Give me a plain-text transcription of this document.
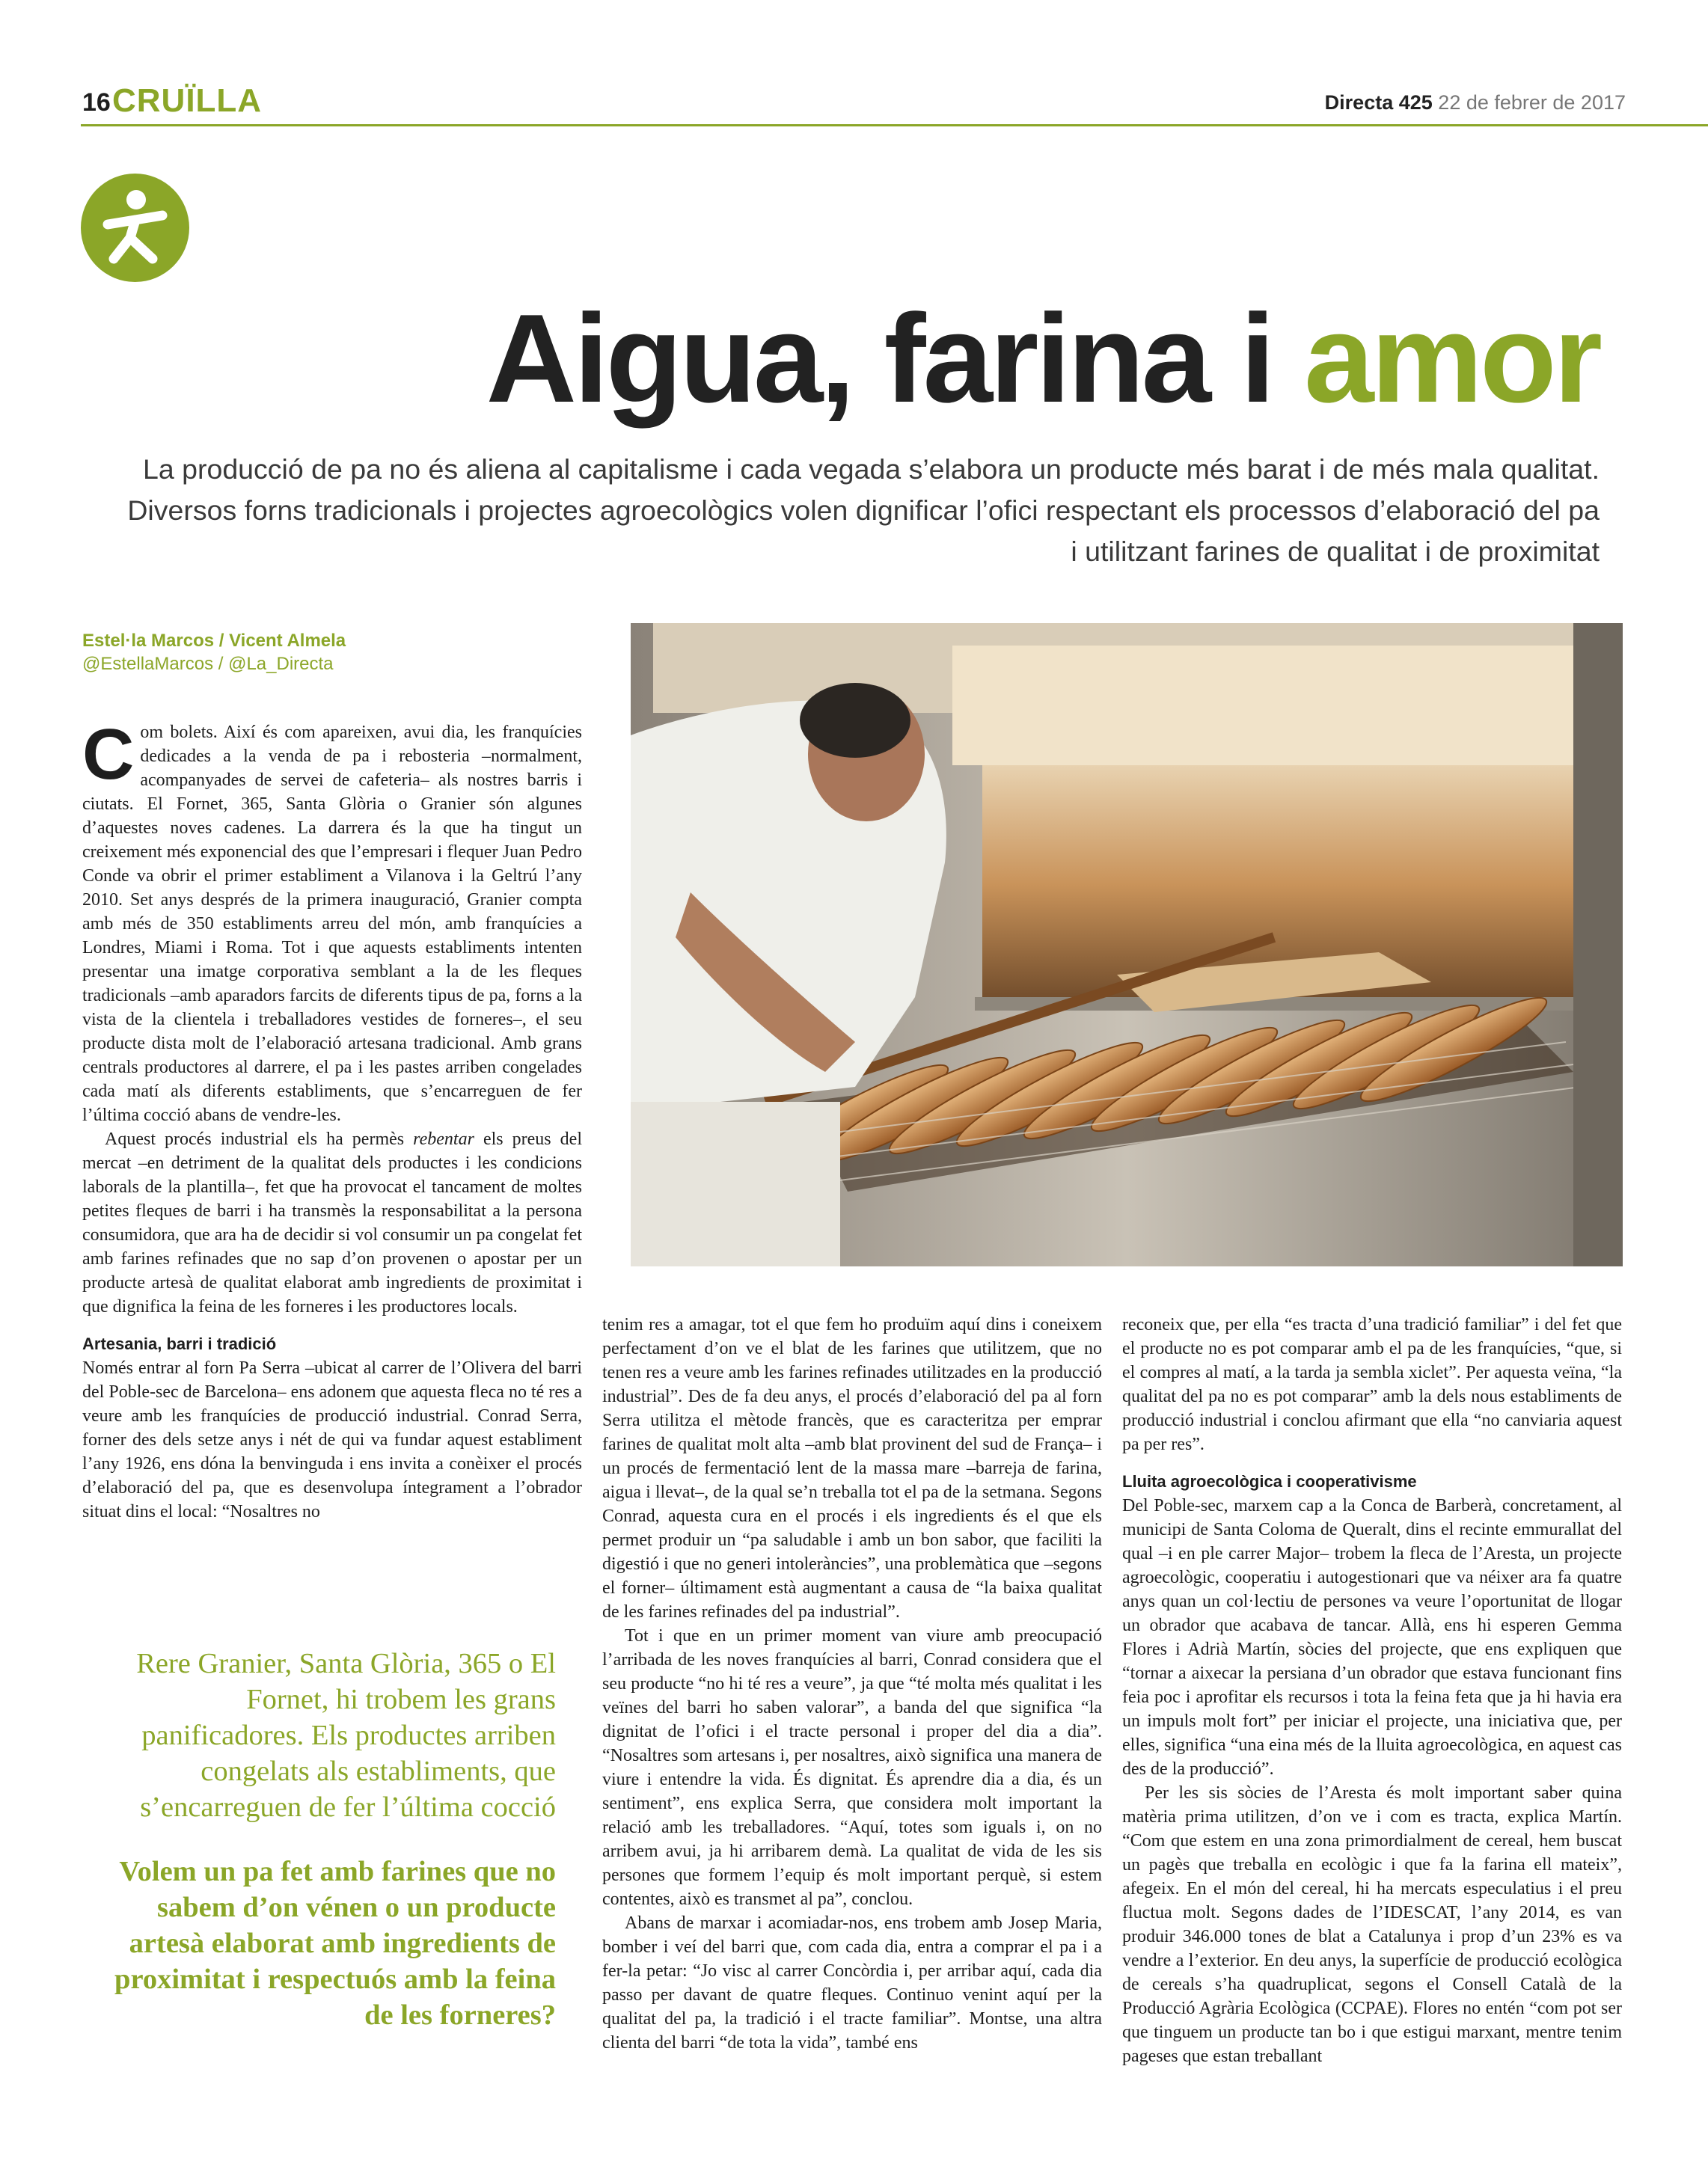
16 CRUÏLLA	Directa 425 22 de febrer de 2017
Aigua, farina i amor
La producció de pa no és aliena al capitalisme i cada vegada s’elabora un producte més barat i de més mala qualitat. Diversos forns tradicionals i projectes agroecològics volen dignificar l’ofici respectant els processos d’elaboració del pa i utilitzant farines de qualitat i de proximitat
Estel·la Marcos / Vicent Almela
@EstellaMarcos / @La_Directa

Com bolets. Així és com apareixen, avui dia, les franquícies dedicades a la venda de pa i rebosteria –normalment, acompanyades de servei de cafeteria– als nostres barris i ciutats. El Fornet, 365, Santa Glòria o Granier són algunes d’aquestes noves cadenes. La darrera és la que ha tingut un creixement més exponencial des que l’empresari i flequer Juan Pedro Conde va obrir el primer establiment a Vilanova i la Geltrú l’any 2010. Set anys després de la primera inauguració, Granier compta amb més de 350 establiments arreu del món, amb franquícies a Londres, Miami i Roma. Tot i que aquests establiments intenten presentar una imatge corporativa semblant a la de les fleques tradicionals –amb aparadors farcits de diferents tipus de pa, forns a la vista de la clientela i treballadores vestides de forneres–, el seu producte dista molt de l’elaboració artesana tradicional. Amb grans centrals productores al darrere, el pa i les pastes arriben congelades cada matí als diferents establiments, que s’encarreguen de fer l’última cocció abans de vendre-les.

Aquest procés industrial els ha permès rebentar els preus del mercat –en detriment de la qualitat dels productes i les condicions laborals de la plantilla–, fet que ha provocat el tancament de moltes petites fleques de barri i ha transmès la responsabilitat a la persona consumidora, que ara ha de decidir si vol consumir un pa congelat fet amb farines refinades que no sap d’on provenen o apostar per un producte artesà de qualitat elaborat amb ingredients de proximitat i que dignifica la feina de les forneres i les productores locals.

Artesania, barri i tradició

Només entrar al forn Pa Serra –ubicat al carrer de l’Olivera del barri del Poble-sec de Barcelona– ens adonem que aquesta fleca no té res a veure amb les franquícies de producció industrial. Conrad Serra, forner des dels setze anys i nét de qui va fundar aquest establiment l’any 1926, ens dóna la benvinguda i ens invita a conèixer el procés d’elaboració del pa, que es desenvolupa íntegrament a l’obrador situat dins el local: “Nosaltres no

Rere Granier, Santa Glòria, 365 o El Fornet, hi trobem les grans panificadores. Els productes arriben congelats als establiments, que s’encarreguen de fer l’última cocció
Volem un pa fet amb farines que no sabem d’on vénen o un producte artesà elaborat amb ingredients de proximitat i respectuós amb la feina de les forneres?

tenim res a amagar, tot el que fem ho produïm aquí dins i coneixem perfectament d’on ve el blat de les farines que utilitzem, que no tenen res a veure amb les farines refinades utilitzades en la producció industrial”. Des de fa deu anys, el procés d’elaboració del pa al forn Serra utilitza el mètode francès, que es caracteritza per emprar farines de qualitat molt alta –amb blat provinent del sud de França– i un procés de fermentació lent de la massa mare –barreja de farina, aigua i llevat–, de la qual se’n treballa tot el pa de la setmana. Segons Conrad, aquesta cura en el procés i els ingredients és el que els permet produir un “pa saludable i amb un bon sabor, que faciliti la digestió i que no generi intoleràncies”, una problemàtica que –segons el forner– últimament està augmentant a causa de “la baixa qualitat de les farines refinades del pa industrial”.

Tot i que en un primer moment van viure amb preocupació l’arribada de les noves franquícies al barri, Conrad considera que el seu producte “no hi té res a veure”, ja que “té molta més qualitat i les veïnes del barri ho saben valorar”, a banda del que significa “la dignitat de l’ofici i el tracte personal i proper del dia a dia”. “Nosaltres som artesans i, per nosaltres, això significa una manera de viure i entendre la vida. És dignitat. És aprendre dia a dia, és un sentiment”, ens explica Serra, que considera molt important la relació amb les treballadores. “Aquí, totes som iguals i, on no arribem avui, ja hi arribarem demà. La qualitat de vida de les sis persones que formem l’equip és molt important perquè, si estem contentes, això es transmet al pa”, conclou.

Abans de marxar i acomiadar-nos, ens trobem amb Josep Maria, bomber i veí del barri que, com cada dia, entra a comprar el pa i a fer-la petar: “Jo visc al carrer Concòrdia i, per arribar aquí, cada dia passo per davant de quatre fleques. Continuo venint aquí per la qualitat del pa, la tradició i el tracte familiar”. Montse, una altra clienta del barri “de tota la vida”, també ens

reconeix que, per ella “es tracta d’una tradició familiar” i del fet que el producte no es pot comparar amb el pa de les franquícies, “que, si el compres al matí, a la tarda ja sembla xiclet”. Per aquesta veïna, “la qualitat del pa no es pot comparar” amb la dels nous establiments de producció industrial i conclou afirmant que ella “no canviaria aquest pa per res”.

Lluita agroecològica i cooperativisme

Del Poble-sec, marxem cap a la Conca de Barberà, concretament, al municipi de Santa Coloma de Queralt, dins el recinte emmurallat del qual –i en ple carrer Major– trobem la fleca de l’Aresta, un projecte agroecològic, cooperatiu i autogestionari que va néixer ara fa quatre anys quan un col·lectiu de persones va veure l’oportunitat de llogar un obrador que acabava de tancar. Allà, ens hi esperen Gemma Flores i Adrià Martín, sòcies del projecte, que ens expliquen que “tornar a aixecar la persiana d’un obrador que estava funcionant fins feia poc i aprofitar els recursos i tota la feina feta que ja hi havia era un impuls molt fort” per iniciar el projecte, una iniciativa que, per elles, significa “una eina més de la lluita agroecològica, en aquest cas des de la producció”.

Per les sis sòcies de l’Aresta és molt important saber quina matèria prima utilitzen, d’on ve i com es tracta, explica Martín. “Com que estem en una zona primordialment de cereal, hem buscat un pagès que treballa en ecològic i que fa la farina ell mateix”, afegeix. En el món del cereal, hi ha mercats especulatius i el preu fluctua molt. Segons dades de l’IDESCAT, l’any 2014, es van produir 346.000 tones de blat a Catalunya i prop d’un 23% es va vendre a l’exterior. En deu anys, la superfície de producció ecològica de cereals s’ha quadruplicat, segons el Consell Català de la Producció Agrària Ecològica (CCPAE). Flores no entén “com pot ser que tinguem un producte tan bo i que estigui marxant, mentre tenim pageses que estan treballant
